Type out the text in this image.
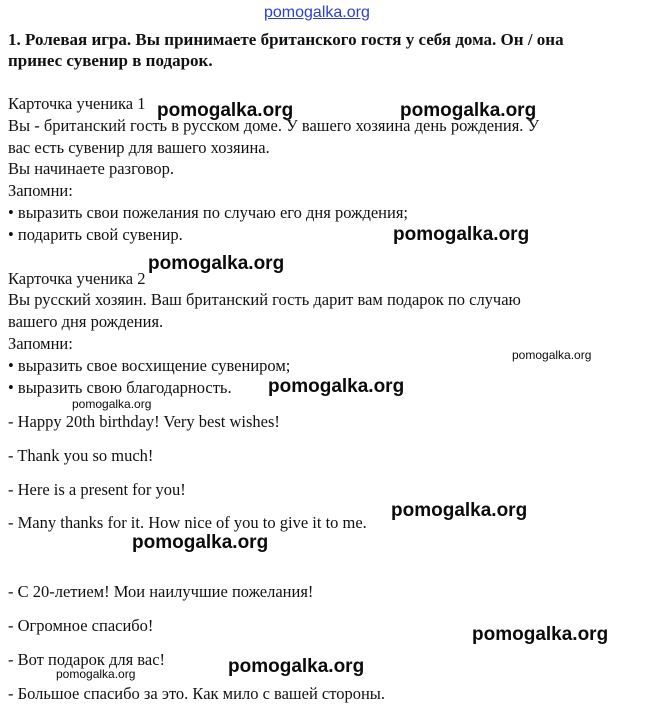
1. Ролевая игра. Вы принимаете британского гостя у себя дома. Он / она
принес сувенир в подарок.
Карточка ученика 1
Вы - британский гость в русском доме. У вашего хозяина день рождения. У
вас есть сувенир для вашего хозяина.
Вы начинаете разговор.
Запомни:
• выразить свои пожелания по случаю его дня рождения;
• подарить свой сувенир.
Карточка ученика 2
Вы русский хозяин. Ваш британский гость дарит вам подарок по случаю
вашего дня рождения.
Запомни:
• выразить свое восхищение сувениром;
• выразить свою благодарность.
- Happy 20th birthday! Very best wishes!
- Thank you so much!
- Here is a present for you!
- Many thanks for it. How nice of you to give it to me.
- С 20-летием! Мои наилучшие пожелания!
- Огромное спасибо!
- Вот подарок для вас!
- Большое спасибо за это. Как мило с вашей стороны.
pomogalka.org
pomogalka.org	pomogalka.org
pomogalka.org
pomogalka.org
pomogalka.org
pomogalka.org
pomogalka.org
pomogalka.org
pomogalka.org
pomogalka.org
pomogalka.org
pomogalka.org
